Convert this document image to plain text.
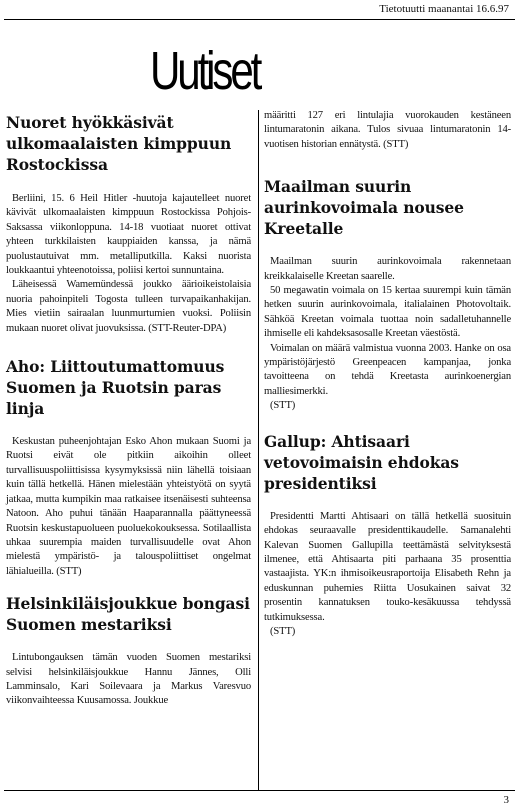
Tietotuutti maanantai 16.6.97
Uutiset
Nuoret hyökkäsivät
ulkomaalaisten kimppuun
Rostockissa

Berliini, 15. 6 Heil Hitler -huutoja kajautelleet nuoret kävivät ulkomaalaisten kimppuun Rostockissa Pohjois-Saksassa viikonloppuna. 14-18 vuotiaat nuoret ottivat yhteen turkkilaisten kauppiaiden kanssa, ja nämä puolustautuivat mm. metalliputkilla. Kaksi nuorista loukkaantui yhteenotoissa, poliisi kertoi sunnuntaina.

Läheisessä Wamemündessä joukko äärioikeistolaisia nuoria pahoinpiteli Togosta tulleen turvapaikanhakijan. Mies vietiin sairaalan luunmurtumien vuoksi. Poliisin mukaan nuoret olivat juovuksissa. (STT-Reuter-DPA)

Aho: Liittoutumattomuus
Suomen ja Ruotsin paras
linja

Keskustan puheenjohtajan Esko Ahon mukaan Suomi ja Ruotsi eivät ole pitkiin aikoihin olleet turvallisuuspoliittisissa kysymyksissä niin lähellä toisiaan kuin tällä hetkellä. Hänen mielestään yhteistyötä on syytä jatkaa, mutta kumpikin maa ratkaisee itsenäisesti suhteensa Natoon. Aho puhui tänään Haaparannalla päättyneessä Ruotsin keskustapuolueen puoluekokouksessa. Sotilaallista uhkaa suurempia maiden turvallisuudelle ovat Ahon mielestä ympäristö- ja talouspoliittiset ongelmat lähialueilla. (STT)

Helsinkiläisjoukkue bongasi
Suomen mestariksi

Lintubongauksen tämän vuoden Suomen mestariksi selvisi helsinkiläisjoukkue Hannu Jännes, Olli Lamminsalo, Kari Soilevaara ja Markus Varesvuo viikonvaihteessa Kuusamossa. Joukkue

määritti 127 eri lintulajia vuorokauden kestäneen lintumaratonin aikana. Tulos sivuaa lintumaratonin 14-vuotisen historian ennätystä. (STT)

Maailman suurin
aurinkovoimala nousee
Kreetalle

Maailman suurin aurinkovoimala rakennetaan kreikkalaiselle Kreetan saarelle.

50 megawatin voimala on 15 kertaa suurempi kuin tämän hetken suurin aurinkovoimala, italialainen Photovoltaik. Sähköä Kreetan voimala tuottaa noin sadalletuhannelle ihmiselle eli kahdeksasosalle Kreetan väestöstä.

Voimalan on määrä valmistua vuonna 2003. Hanke on osa ympäristöjärjestö Greenpeacen kampanjaa, jonka tavoitteena on tehdä Kreetasta aurinkoenergian malliesimerkki.

(STT)

Gallup: Ahtisaari
vetovoimaisin ehdokas
presidentiksi

Presidentti Martti Ahtisaari on tällä hetkellä suosituin ehdokas seuraavalle presidenttikaudelle. Samanalehti Kalevan Suomen Gallupilla teettämästä selvityksestä ilmenee, että Ahtisaarta piti parhaana 35 prosenttia vastaajista. YK:n ihmisoikeusraportoija Elisabeth Rehn ja eduskunnan puhemies Riitta Uosukainen saivat 32 prosentin kannatuksen touko-kesäkuussa tehdyssä tutkimuksessa.

(STT)

3
